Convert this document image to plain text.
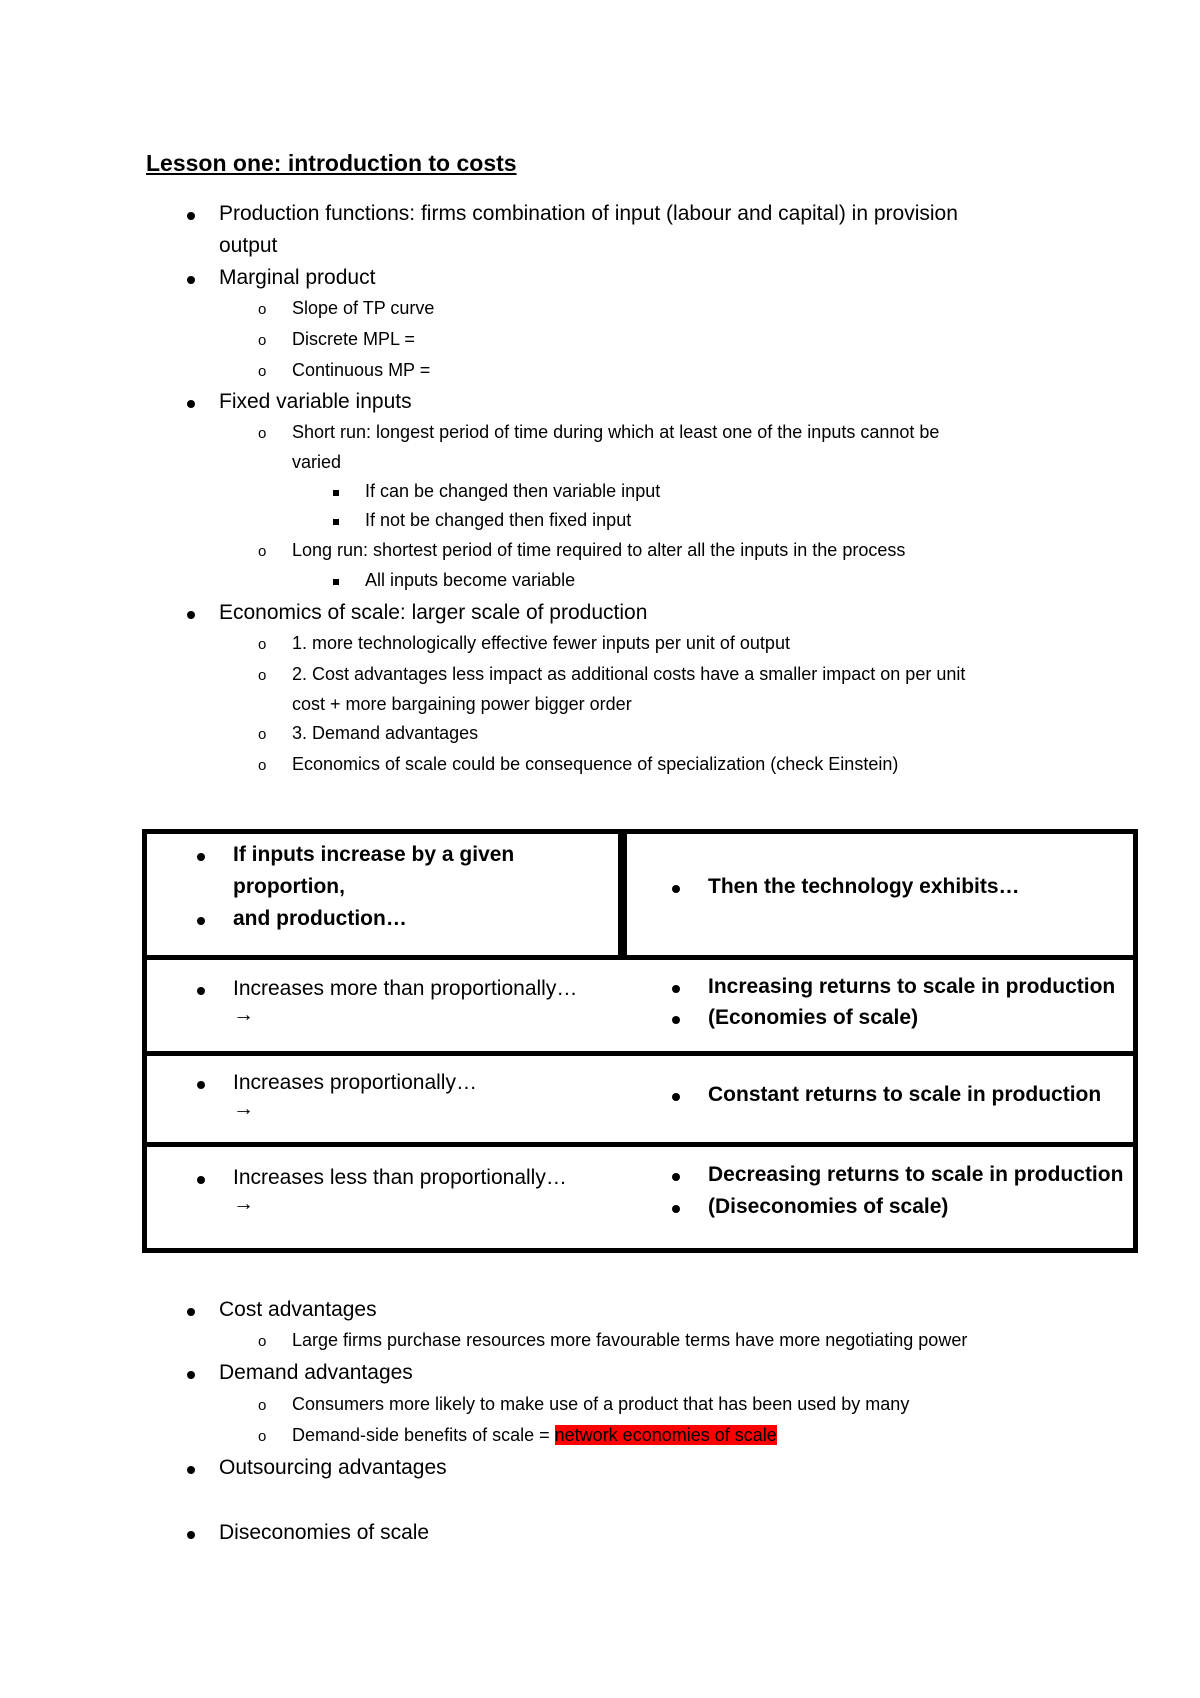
Lesson one: introduction to costs
Production functions: firms combination of input (labour and capital) in provision
output
Marginal product
o Slope of TP curve
o Discrete MPL =
o Continuous MP =
Fixed variable inputs
o Short run: longest period of time during which at least one of the inputs cannot be
varied
If can be changed then variable input
If not be changed then fixed input
o Long run: shortest period of time required to alter all the inputs in the process
All inputs become variable
Economics of scale: larger scale of production
o 1. more technologically effective fewer inputs per unit of output
o 2. Cost advantages less impact as additional costs have a smaller impact on per unit
cost + more bargaining power bigger order
o 3. Demand advantages
o Economics of scale could be consequence of specialization (check Einstein)
If inputs increase by a given
proportion,
and production…
Then the technology exhibits…
Increases more than proportionally…
→
Increasing returns to scale in production
(Economies of scale)
Increases proportionally…
→
Constant returns to scale in production
Increases less than proportionally…
→
Decreasing returns to scale in production
(Diseconomies of scale)
Cost advantages
o Large firms purchase resources more favourable terms have more negotiating power
Demand advantages
o Consumers more likely to make use of a product that has been used by many
o Demand-side benefits of scale = network economies of scale
Outsourcing advantages
Diseconomies of scale
